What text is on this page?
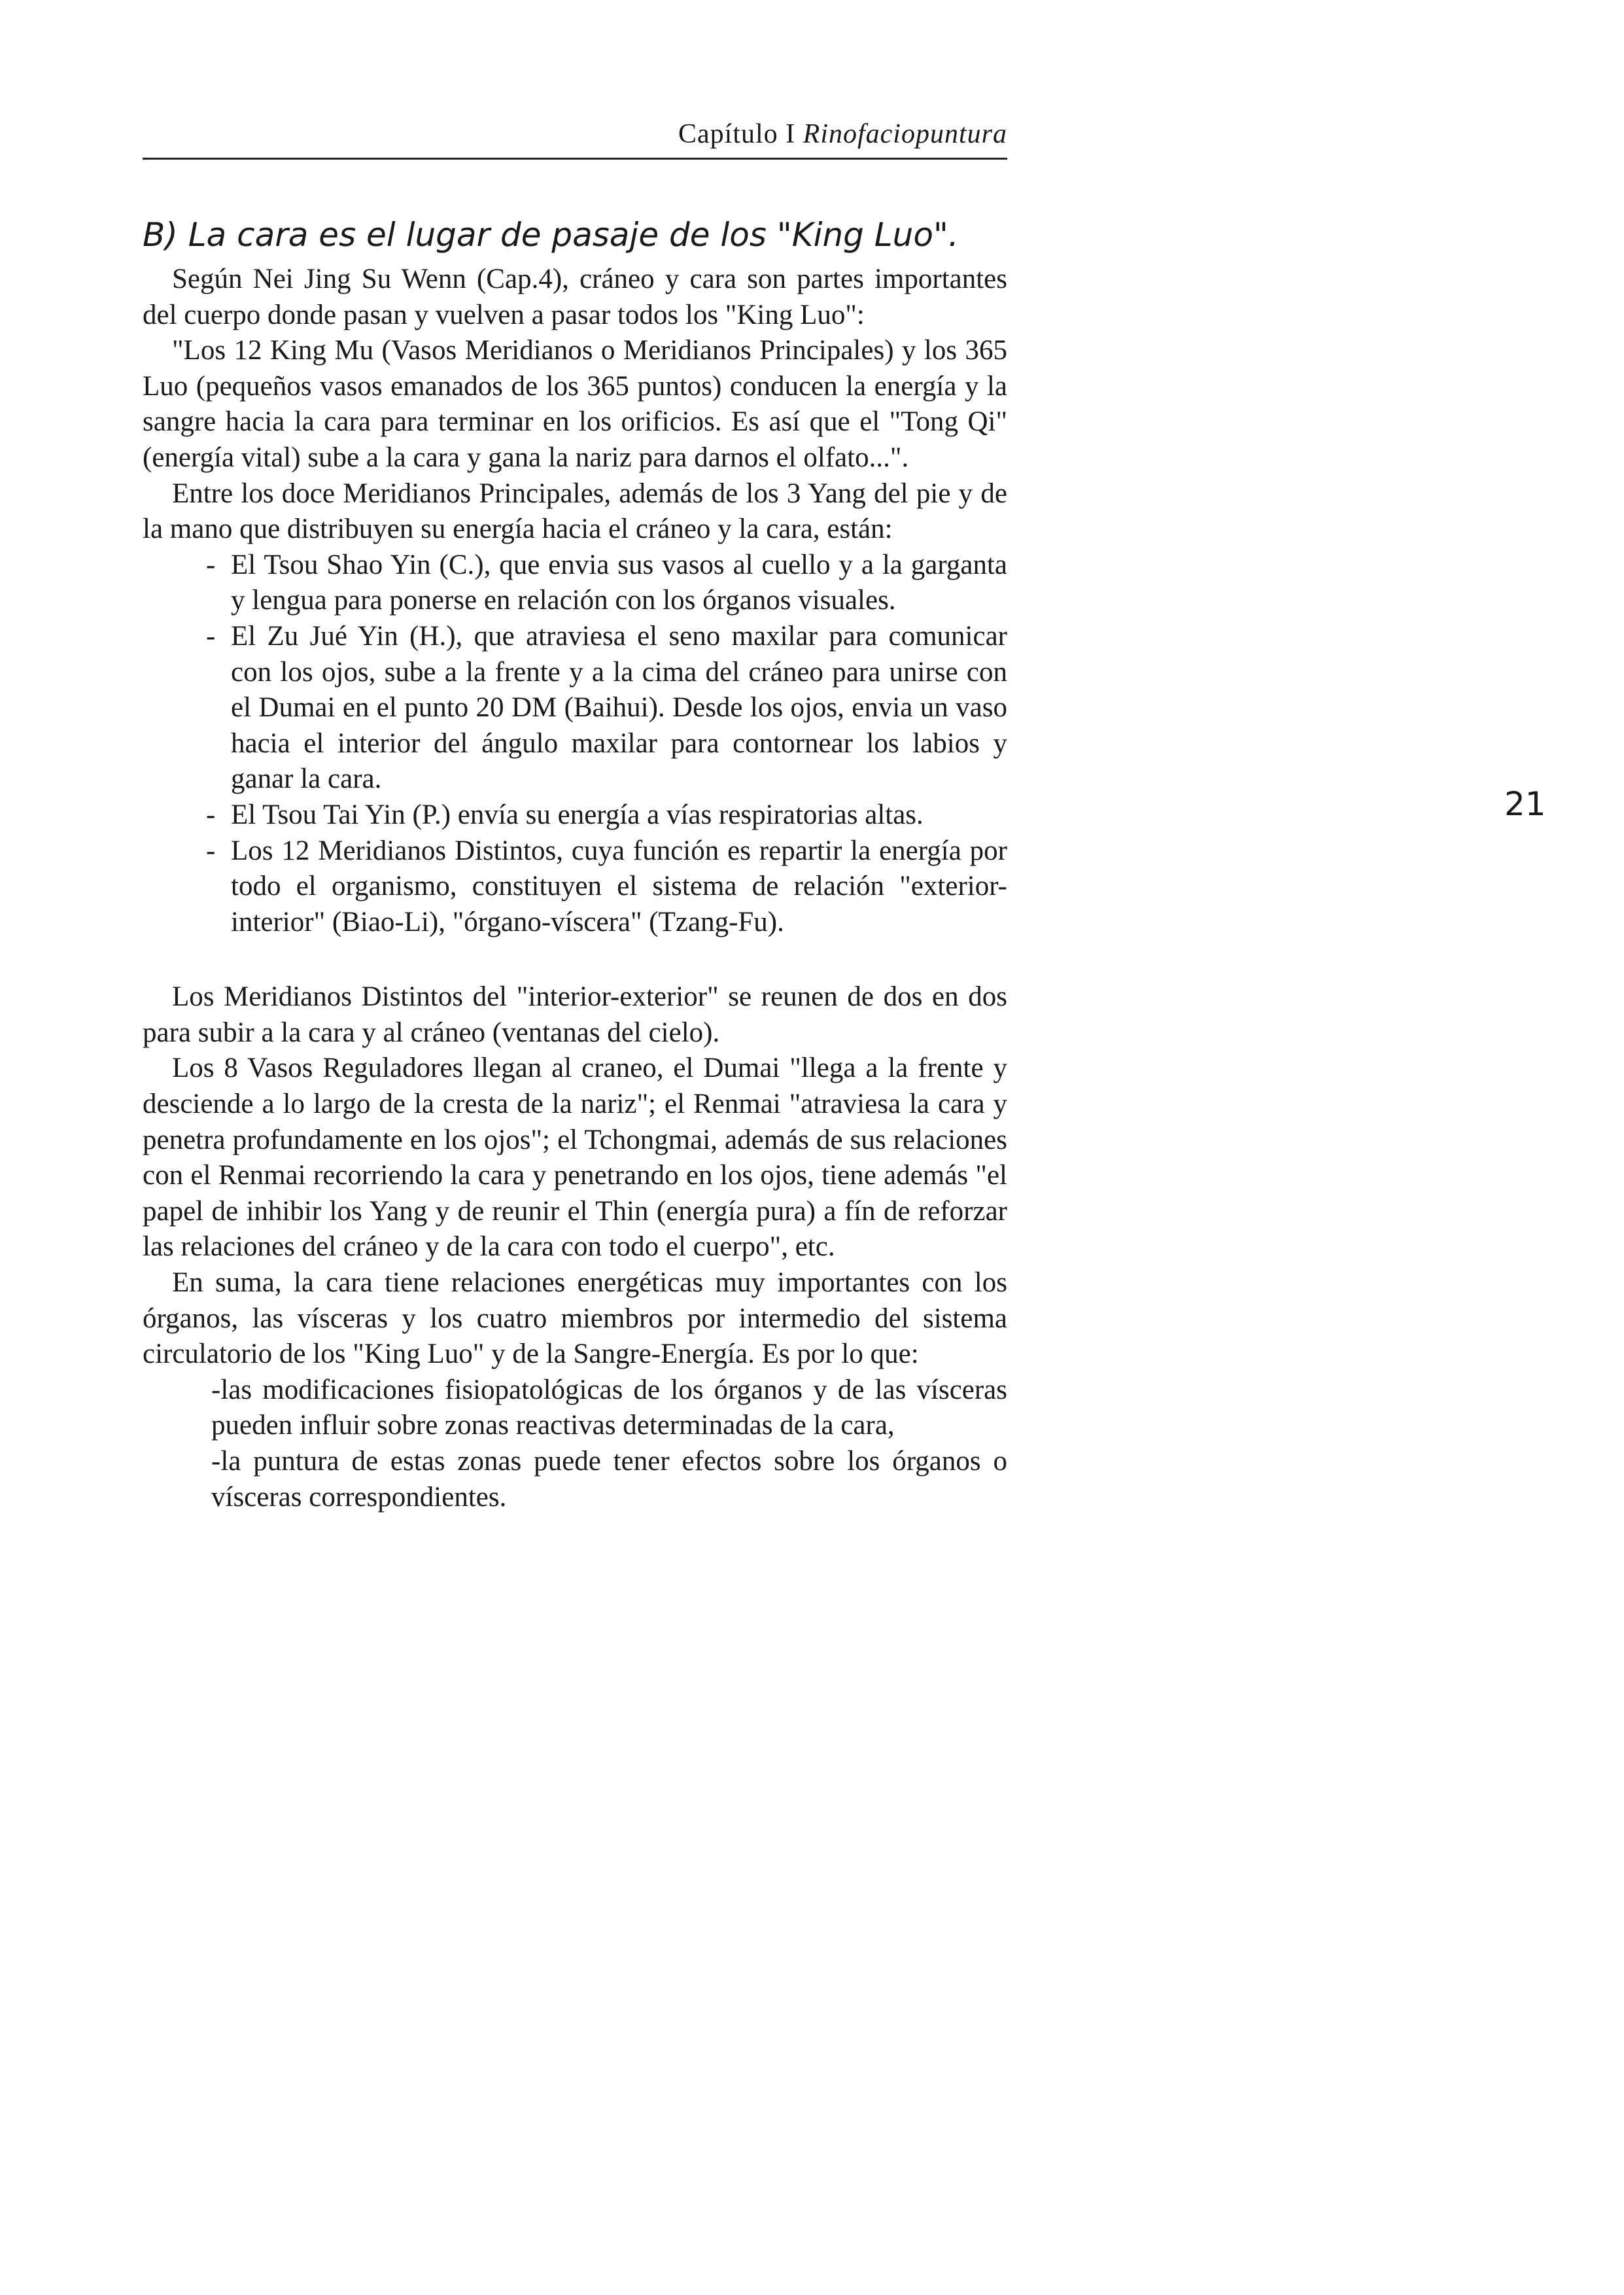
Capítulo I Rinofaciopuntura
21
B) La cara es el lugar de pasaje de los "King Luo".

Según Nei Jing Su Wenn (Cap.4), cráneo y cara son partes importantes del cuerpo donde pasan y vuelven a pasar todos los "King Luo":

"Los 12 King Mu (Vasos Meridianos o Meridianos Principales) y los 365 Luo (pequeños vasos emanados de los 365 puntos) conducen la energía y la sangre hacia la cara para terminar en los orificios. Es así que el "Tong Qi" (energía vital) sube a la cara y gana la nariz para darnos el olfato...".

Entre los doce Meridianos Principales, además de los 3 Yang del pie y de la mano que distribuyen su energía hacia el cráneo y la cara, están:

- El Tsou Shao Yin (C.), que envia sus vasos al cuello y a la garganta y lengua para ponerse en relación con los órganos visuales.
- El Zu Jué Yin (H.), que atraviesa el seno maxilar para comunicar con los ojos, sube a la frente y a la cima del cráneo para unirse con el Dumai en el punto 20 DM (Baihui). Desde los ojos, envia un vaso hacia el interior del ángulo maxilar para contornear los labios y ganar la cara.
- El Tsou Tai Yin (P.) envía su energía a vías respiratorias altas.
- Los 12 Meridianos Distintos, cuya función es repartir la energía por todo el organismo, constituyen el sistema de relación "exterior-interior" (Biao-Li), "órgano-víscera" (Tzang-Fu).

Los Meridianos Distintos del "interior-exterior" se reunen de dos en dos para subir a la cara y al cráneo (ventanas del cielo).

Los 8 Vasos Reguladores llegan al craneo, el Dumai "llega a la frente y desciende a lo largo de la cresta de la nariz"; el Renmai "atraviesa la cara y penetra profundamente en los ojos"; el Tchongmai, además de sus relaciones con el Renmai recorriendo la cara y penetrando en los ojos, tiene además "el papel de inhibir los Yang y de reunir el Thin (energía pura) a fín de reforzar las relaciones del cráneo y de la cara con todo el cuerpo", etc.

En suma, la cara tiene relaciones energéticas muy importantes con los órganos, las vísceras y los cuatro miembros por intermedio del sistema circulatorio de los "King Luo" y de la Sangre-Energía. Es por lo que:

-las modificaciones fisiopatológicas de los órganos y de las vísceras pueden influir sobre zonas reactivas determinadas de la cara,

-la puntura de estas zonas puede tener efectos sobre los órganos o vísceras correspondientes.
